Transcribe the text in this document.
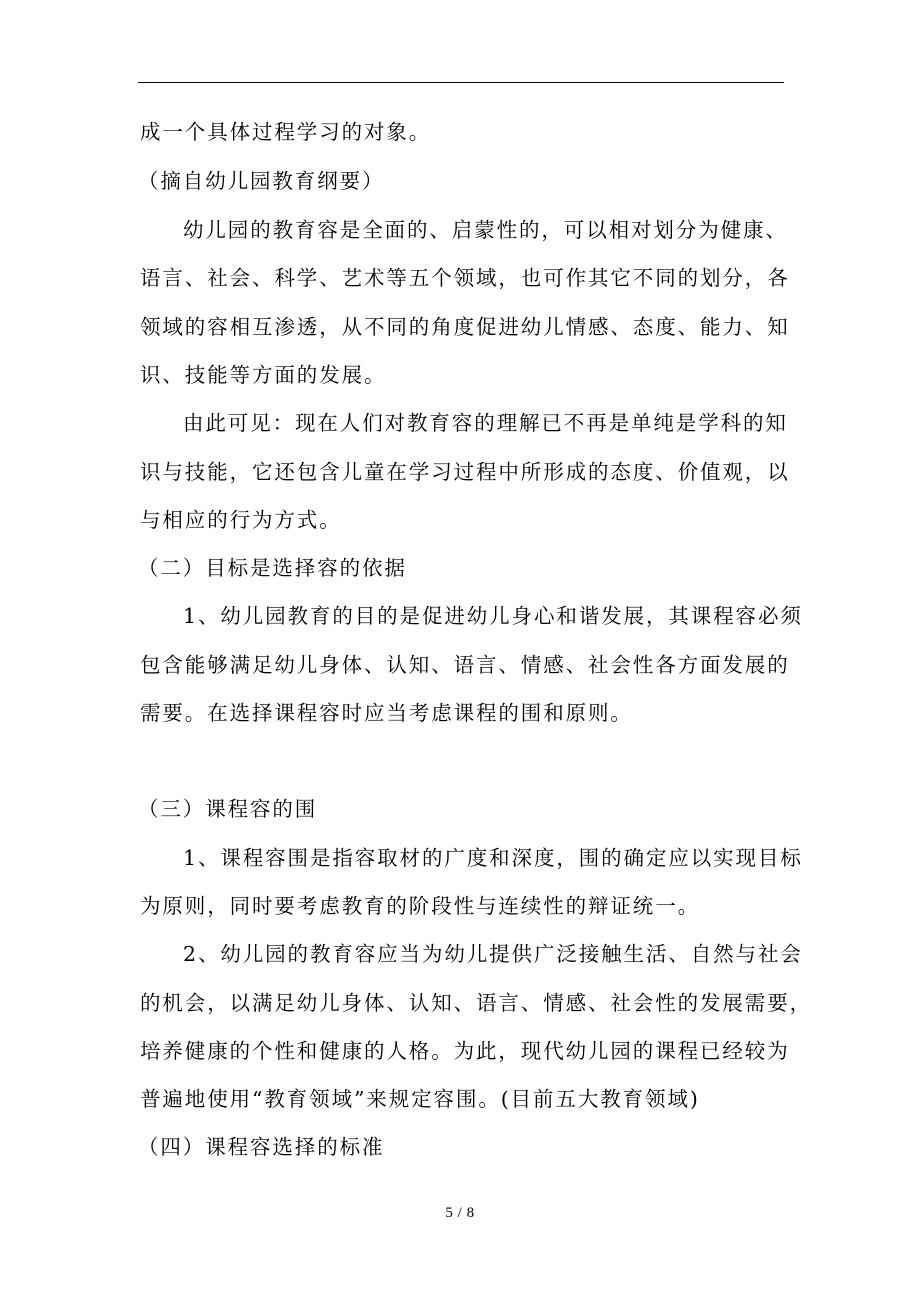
成一个具体过程学习的对象。
（摘自幼儿园教育纲要）
幼儿园的教育容是全面的、启蒙性的，可以相对划分为健康、
语言、社会、科学、艺术等五个领域，也可作其它不同的划分，各
领域的容相互渗透，从不同的角度促进幼儿情感、态度、能力、知
识、技能等方面的发展。
由此可见：现在人们对教育容的理解已不再是单纯是学科的知
识与技能，它还包含儿童在学习过程中所形成的态度、价值观，以
与相应的行为方式。
（二）目标是选择容的依据
1、幼儿园教育的目的是促进幼儿身心和谐发展，其课程容必须
包含能够满足幼儿身体、认知、语言、情感、社会性各方面发展的
需要。在选择课程容时应当考虑课程的围和原则。
（三）课程容的围
1、课程容围是指容取材的广度和深度，围的确定应以实现目标
为原则，同时要考虑教育的阶段性与连续性的辩证统一。
2、幼儿园的教育容应当为幼儿提供广泛接触生活、自然与社会
的机会，以满足幼儿身体、认知、语言、情感、社会性的发展需要，
培养健康的个性和健康的人格。为此，现代幼儿园的课程已经较为
普遍地使用“教育领域”来规定容围。(目前五大教育领域)
（四）课程容选择的标准
5 / 8
